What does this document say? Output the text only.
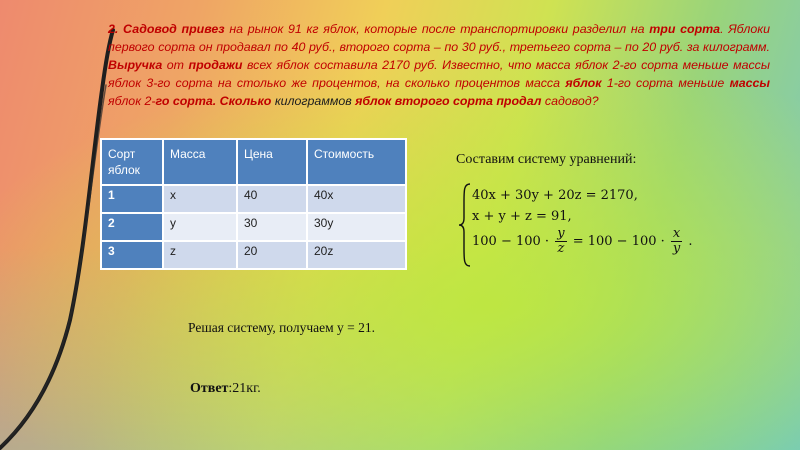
2. Садовод привез на рынок 91 кг яблок, которые после транспортировки разделил на три сорта. Яблоки первого сорта он продавал по 40 руб., второго сорта – по 30 руб., третьего сорта – по 20 руб. за килограмм. Выручка от продажи всех яблок составила 2170 руб. Известно, что масса яблок 2-го сорта меньше массы яблок 3-го сорта на столько же процентов, на сколько процентов масса яблок 1-го сорта меньше массы яблок 2-го сорта. Сколько килограммов яблок второго сорта продал садовод?

Сорт яблок	Масса	Цена	Стоимость
1	x	40	40x
2	y	30	30y
3	z	20	20z
Составим систему уравнений:
40x + 30y + 20z = 2170,
x + y + z = 91,
$100 - 100 \cdot \frac{y}{z} = 100 - 100 \cdot \frac{x}{y}$ .
Решая систему, получаем y = 21.
Ответ:21кг.
